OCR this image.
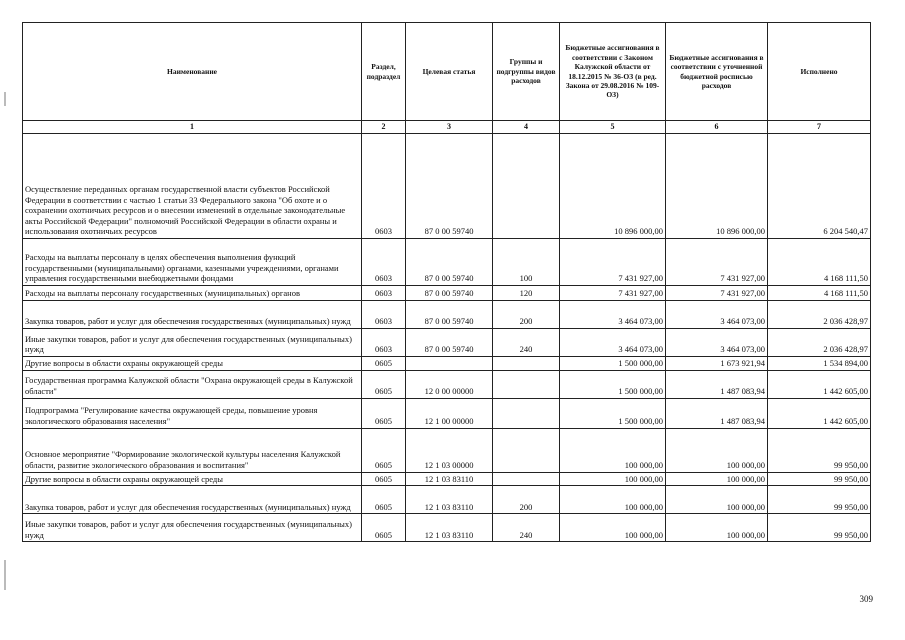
Наименование	Раздел, подраздел	Целевая статья	Группы и подгруппы видов расходов	Бюджетные ассигнования в соответствии с Законом Калужской области от 18.12.2015 № 36-ОЗ (в ред. Закона от 29.08.2016 № 109-ОЗ)	Бюджетные ассигнования в соответствии с уточненной бюджетной росписью расходов	Исполнено
1	2	3	4	5	6	7
Осуществление переданных органам государственной власти субъектов Российской Федерации в соответствии с частью 1 статьи 33 Федерального закона "Об охоте и о сохранении охотничьих ресурсов и о внесении изменений в отдельные законодательные акты Российской Федерации" полномочий Российской Федерации в области охраны и использования охотничьих ресурсов	0603	87 0 00 59740		10 896 000,00	10 896 000,00	6 204 540,47
Расходы на выплаты персоналу в целях обеспечения выполнения функций государственными (муниципальными) органами, казенными учреждениями, органами управления государственными внебюджетными фондами	0603	87 0 00 59740	100	7 431 927,00	7 431 927,00	4 168 111,50
Расходы на выплаты персоналу государственных (муниципальных) органов	0603	87 0 00 59740	120	7 431 927,00	7 431 927,00	4 168 111,50
Закупка товаров, работ и услуг для обеспечения государственных (муниципальных) нужд	0603	87 0 00 59740	200	3 464 073,00	3 464 073,00	2 036 428,97
Иные закупки товаров, работ и услуг для обеспечения государственных (муниципальных) нужд	0603	87 0 00 59740	240	3 464 073,00	3 464 073,00	2 036 428,97
Другие вопросы в области охраны окружающей среды	0605			1 500 000,00	1 673 921,94	1 534 894,00
Государственная программа Калужской области "Охрана окружающей среды в Калужской области"	0605	12 0 00 00000		1 500 000,00	1 487 083,94	1 442 605,00
Подпрограмма "Регулирование качества окружающей среды, повышение уровня экологического образования населения"	0605	12 1 00 00000		1 500 000,00	1 487 083,94	1 442 605,00
Основное мероприятие "Формирование экологической культуры населения Калужской области, развитие экологического образования и воспитания"	0605	12 1 03 00000		100 000,00	100 000,00	99 950,00
Другие вопросы в области охраны окружающей среды	0605	12 1 03 83110		100 000,00	100 000,00	99 950,00
Закупка товаров, работ и услуг для обеспечения государственных (муниципальных) нужд	0605	12 1 03 83110	200	100 000,00	100 000,00	99 950,00
Иные закупки товаров, работ и услуг для обеспечения государственных (муниципальных) нужд	0605	12 1 03 83110	240	100 000,00	100 000,00	99 950,00
309
